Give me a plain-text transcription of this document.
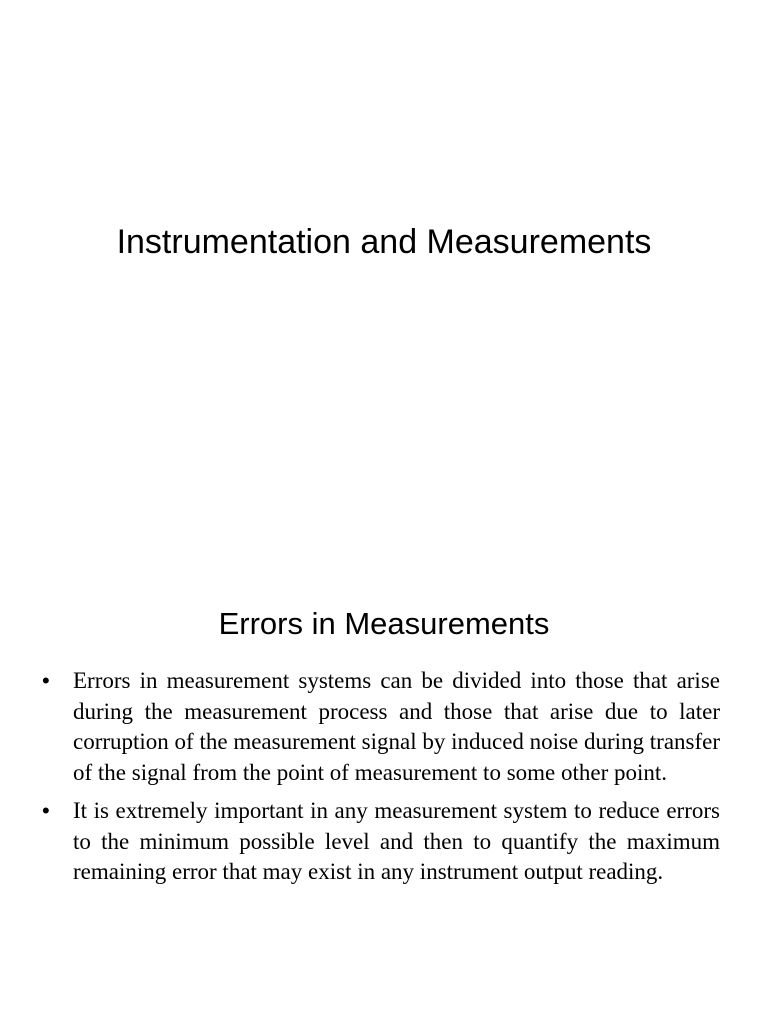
Instrumentation and Measurements
Errors in Measurements
• Errors in measurement systems can be divided into those that arise during the measurement process and those that arise due to later corruption of the measurement signal by induced noise during transfer of the signal from the point of measurement to some other point.
• It is extremely important in any measurement system to reduce errors to the minimum possible level and then to quantify the maximum remaining error that may exist in any instrument output reading.
